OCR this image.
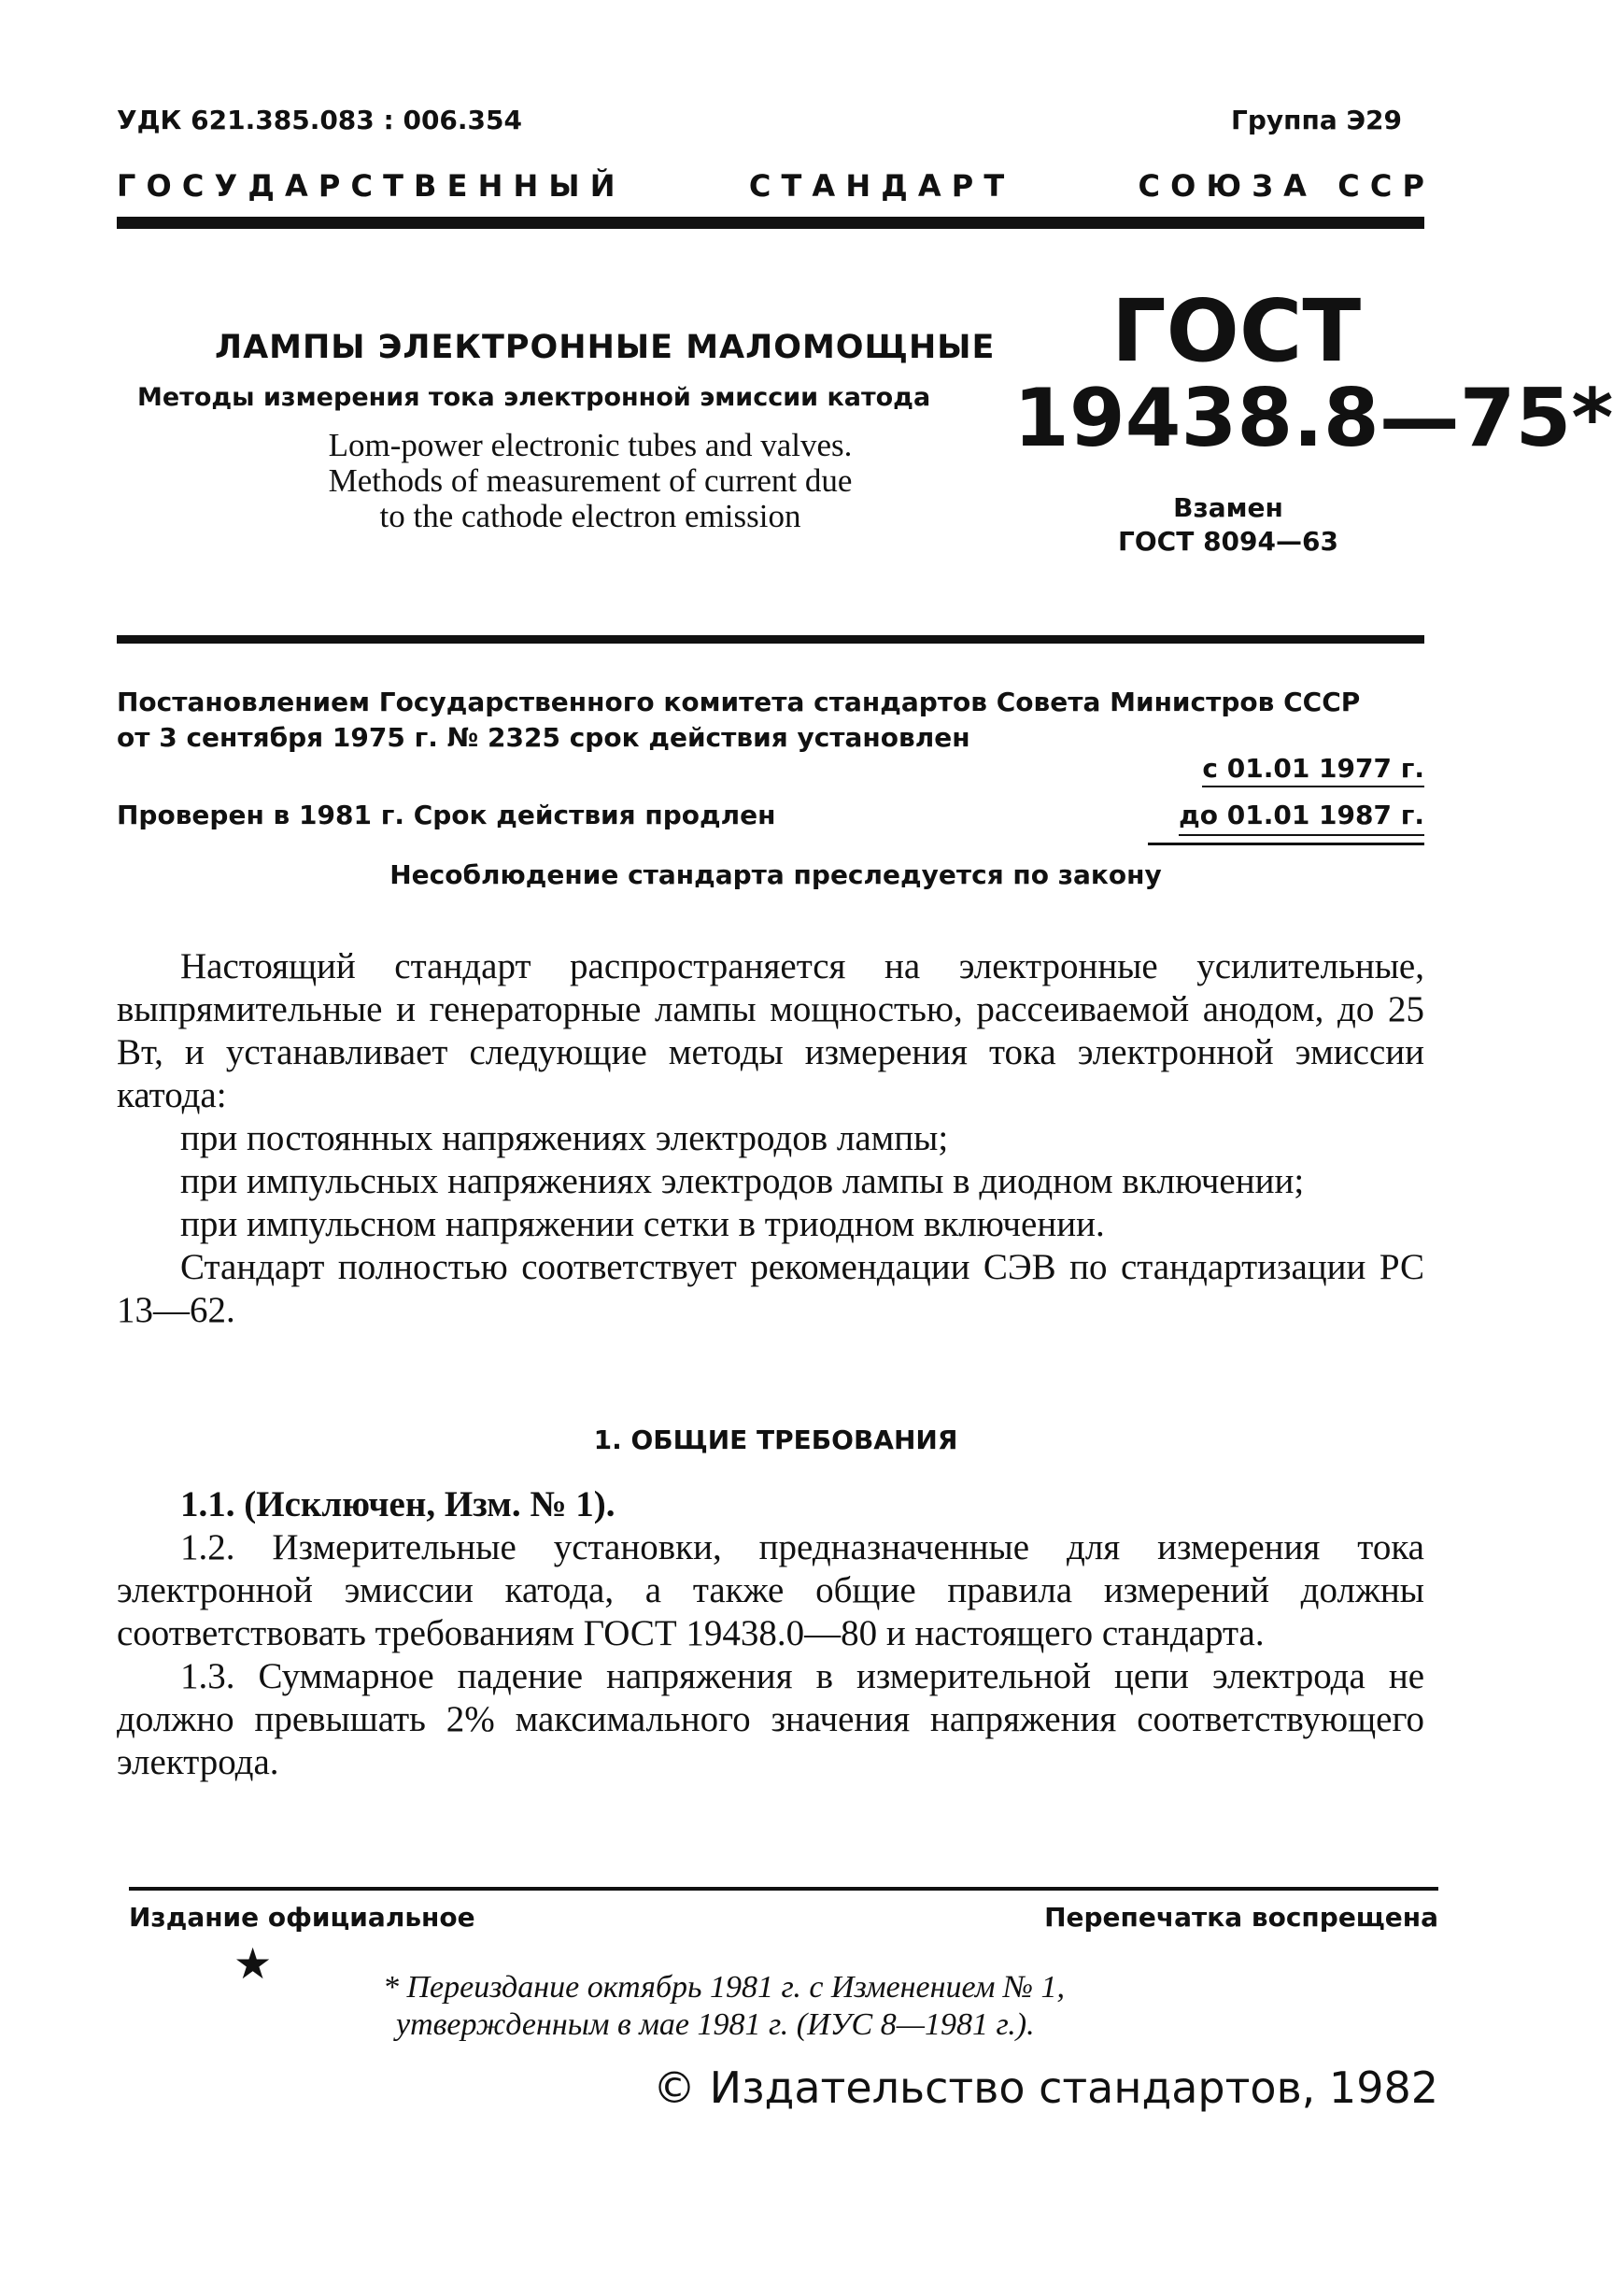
УДК 621.385.083 : 006.354	Группа Э29
Г О С У Д А Р С Т В Е Н Н Ы Й	С Т А Н Д А Р Т	С О Ю З А   С С Р
ЛАМПЫ ЭЛЕКТРОННЫЕ МАЛОМОЩНЫЕ
Методы измерения тока электронной эмиссии катода
Lom-power electronic tubes and valves.
Methods of measurement of current due
to the cathode electron emission
ГОСТ
19438.8—75*
Взамен
ГОСТ 8094—63
Постановлением Государственного комитета стандартов Совета Министров СССР
от 3 сентября 1975 г. № 2325 срок действия установлен
с 01.01 1977 г.
Проверен в 1981 г. Срок действия продлен	до 01.01 1987 г.
Несоблюдение стандарта преследуется по закону

Настоящий стандарт распространяется на электронные усилительные, выпрямительные и генераторные лампы мощностью, рассеиваемой анодом, до 25 Вт, и устанавливает следующие методы измерения тока электронной эмиссии катода:

при постоянных напряжениях электродов лампы;

при импульсных напряжениях электродов лампы в диодном включении;

при импульсном напряжении сетки в триодном включении.

Стандарт полностью соответствует рекомендации СЭВ по стандартизации РС 13—62.

1. ОБЩИЕ ТРЕБОВАНИЯ

1.1. (Исключен, Изм. № 1).

1.2. Измерительные установки, предназначенные для измерения тока электронной эмиссии катода, а также общие правила измерений должны соответствовать требованиям ГОСТ 19438.0—80 и настоящего стандарта.

1.3. Суммарное падение напряжения в измерительной цепи электрода не должно превышать 2% максимального значения напряжения соответствующего электрода.

Издание официальное	Перепечатка воспрещена
★	* Переиздание октябрь 1981 г. с Изменением № 1,
утвержденным в мае 1981 г. (ИУС 8—1981 г.).
© Издательство стандартов, 1982
